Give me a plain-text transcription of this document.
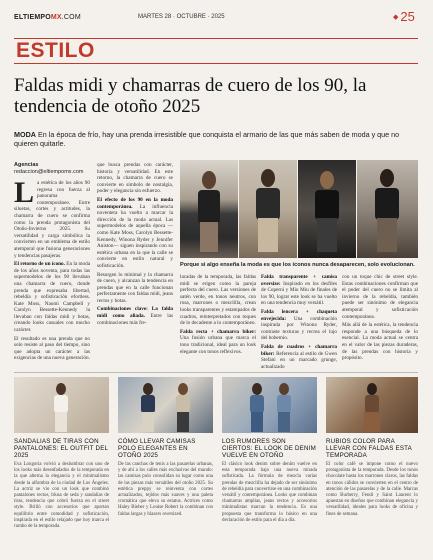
ELTIEMPOMX.COM	MARTES 28 · OCTUBRE · 2025	◆ 25
ESTILO
Faldas midi y chamarras de cuero de los 90, la tendencia de otoño 2025
MODA En la época de frío, hay una prenda irresistible que conquista el armario de las que más saben de moda y que no quieren quitarle.
Agencias
redaccion@eltiempomx.com

La estética de los años 90 regresa con fuerza al panorama contemporáneo. Entre siluetas, cortes y actitudes, la chamarra de cuero se confirma como la prenda protagonista del Otoño-Invierno 2025. Su versatilidad y carga simbólica la convierten en un emblema de estilo atemporal que fusiona generaciones y tendencias pasajeras.

El retorno de un ícono. En la moda de los años noventa, para todas las supermodelos de los 90 llevaban una chamarra de cuero, donde prenda que expresaba libertad, rebeldía y sofisticación efortless. Kate Moss, Naomi Campbell y Carolyn Bessette-Kennedy la llevaban con faldas midi y botas, creando looks casuales con mucho carácter.

El resultado es una prenda que no solo resiste al paso del tiempo, sino que adopta un carácter a las exigencias de una nueva generación.

que busca prendas con carácter, historia y versatilidad. En este retorno, la chamarra de cuero se convierte en símbolo de nostalgia, poder y elegancia sin esfuerzo.

El efecto de los 90 en la moda contemporánea. La influencia noventera ha vuelto a marcar la dirección de la moda actual. Las supermodelos de aquella época —como Kate Moss, Carolyn Bessette-Kennedy, Winona Ryder y Jennifer Aniston— siguen inspirando con su estética urbana en la que la calle se convierte en estilo natural y sofisticación.

Resurgen lo minimal y la chamarra de cuero, y alcanzan la tendencia en prendas que en la calle funcionan perfectamente con faldas midi, jeans rectos y botas.

Combinaciones clave: La falda midi como aliada. Entre las combinaciones más fre-

Porque si algo enseña la moda es que los íconos nunca desaparecen, solo evolucionan.

lacadas de la temporada, las faldas midi se erigen como la pareja perfecta del cuero. Las versiones de satén verde, en tonos neutros, con rosa, marrones o mezclilla, crean looks transparentes y estampados de cuadros, reinterpretados con toques de lo decadente a lo contemporáneo.

Falda recta + chamarra biker: Una fusión urbana que marca el tono tradicional, ideal para un look elegante con tonos reflexivos.

Falda transparente + camisa oversize: Inspirado en los desfiles de Coperni y Miu Miu de finales de los 90, lograr este look se ha vuelto en una tendencia muy versátil.

Falda lencera + chaqueta envejecida: Una combinación inspirada por Winona Ryder, contraste texturas y recrea el lujo del bohemio.

Falda de cuadros + chamarra biker: Referencia al estilo de Gwen Stefani en un marcado grunge, actualizado

con un toque chic de street style. Estas combinaciones confirman que el poder del cuero no se limita al invierno de la rebeldía, también puede ser sinónimo de elegancia atemporal y sofisticación contemporánea.

Más allá de la estética, la tendencia responde a una búsqueda de lo esencial. La moda actual se centra en el valor de las piezas duraderas, de las prendas con historia y propósito.

SANDALIAS DE TIRAS CON PANTALONES: EL OUTFIT DEL 2025
CÓMO LLEVAR CAMISAS POLO ELEGANTES EN OTOÑO 2025
LOS RUMORES SON CIERTOS: EL LOOK DE DENIM VUELVE EN OTOÑO
RUBIOS COLOR PARA LLEVAR CON FALDAS ESTA TEMPORADA
Eva Longoria volvió a deslumbrar con uno de los looks más desenfadados de la temporada en la que alterna la elegancia y el minimalismo desde la alfombra de la ciudad de Los Ángeles. La actriz se vio con un look que combinó pantalones rectos, blusa de seda y sandalias de tiras, tendencia que cobró fuerza en el street style. Brilló con accesorios que aportan equilibrio entre comodidad y sofisticación, inspirada en el estilo relajado que hoy marca el rumbo de la temporada.
De las canchas de tenis a las pasarelas urbanas, y de ahí a los calles más exclusivas del mundo: las camisas polo consolidan su lugar como una de las piezas más versátiles del otoño 2025. Su estética preppy se reinventa con cortes actualizados, tejidos más suaves y una paleta cromática que eleva su estatus. Actrices como Haley Bieber y Louise Robert la combinan con faldas largas y blazers oversized.
El clásico look denim sobre denim vuelve en esta temporada bajo una nueva mirada sofisticada. La fórmula de mezcla varias prendas de mezclilla ha dejado de ser sinónimo de rebeldía para convertirse en una combinación versátil y contemporánea. Looks que combinan chamarras amplias, jeans rectos y accesorios minimalistas marcan la tendencia. Es una propuesta que transforma lo básico en una declaración de estilo para el día a día.
El color café se impone como el nuevo protagonista de la temporada. Desde los tonos chocolate hasta los marrones claros, las faldas en tonos cálidos se convierten en el centro de atención de las pasarelas y de la calle. Marcas como Burberry, Fendi y Saint Laurent lo apuestan en diseños que combinan elegancia y versatilidad, ideales para looks de oficina y fines de semana.
